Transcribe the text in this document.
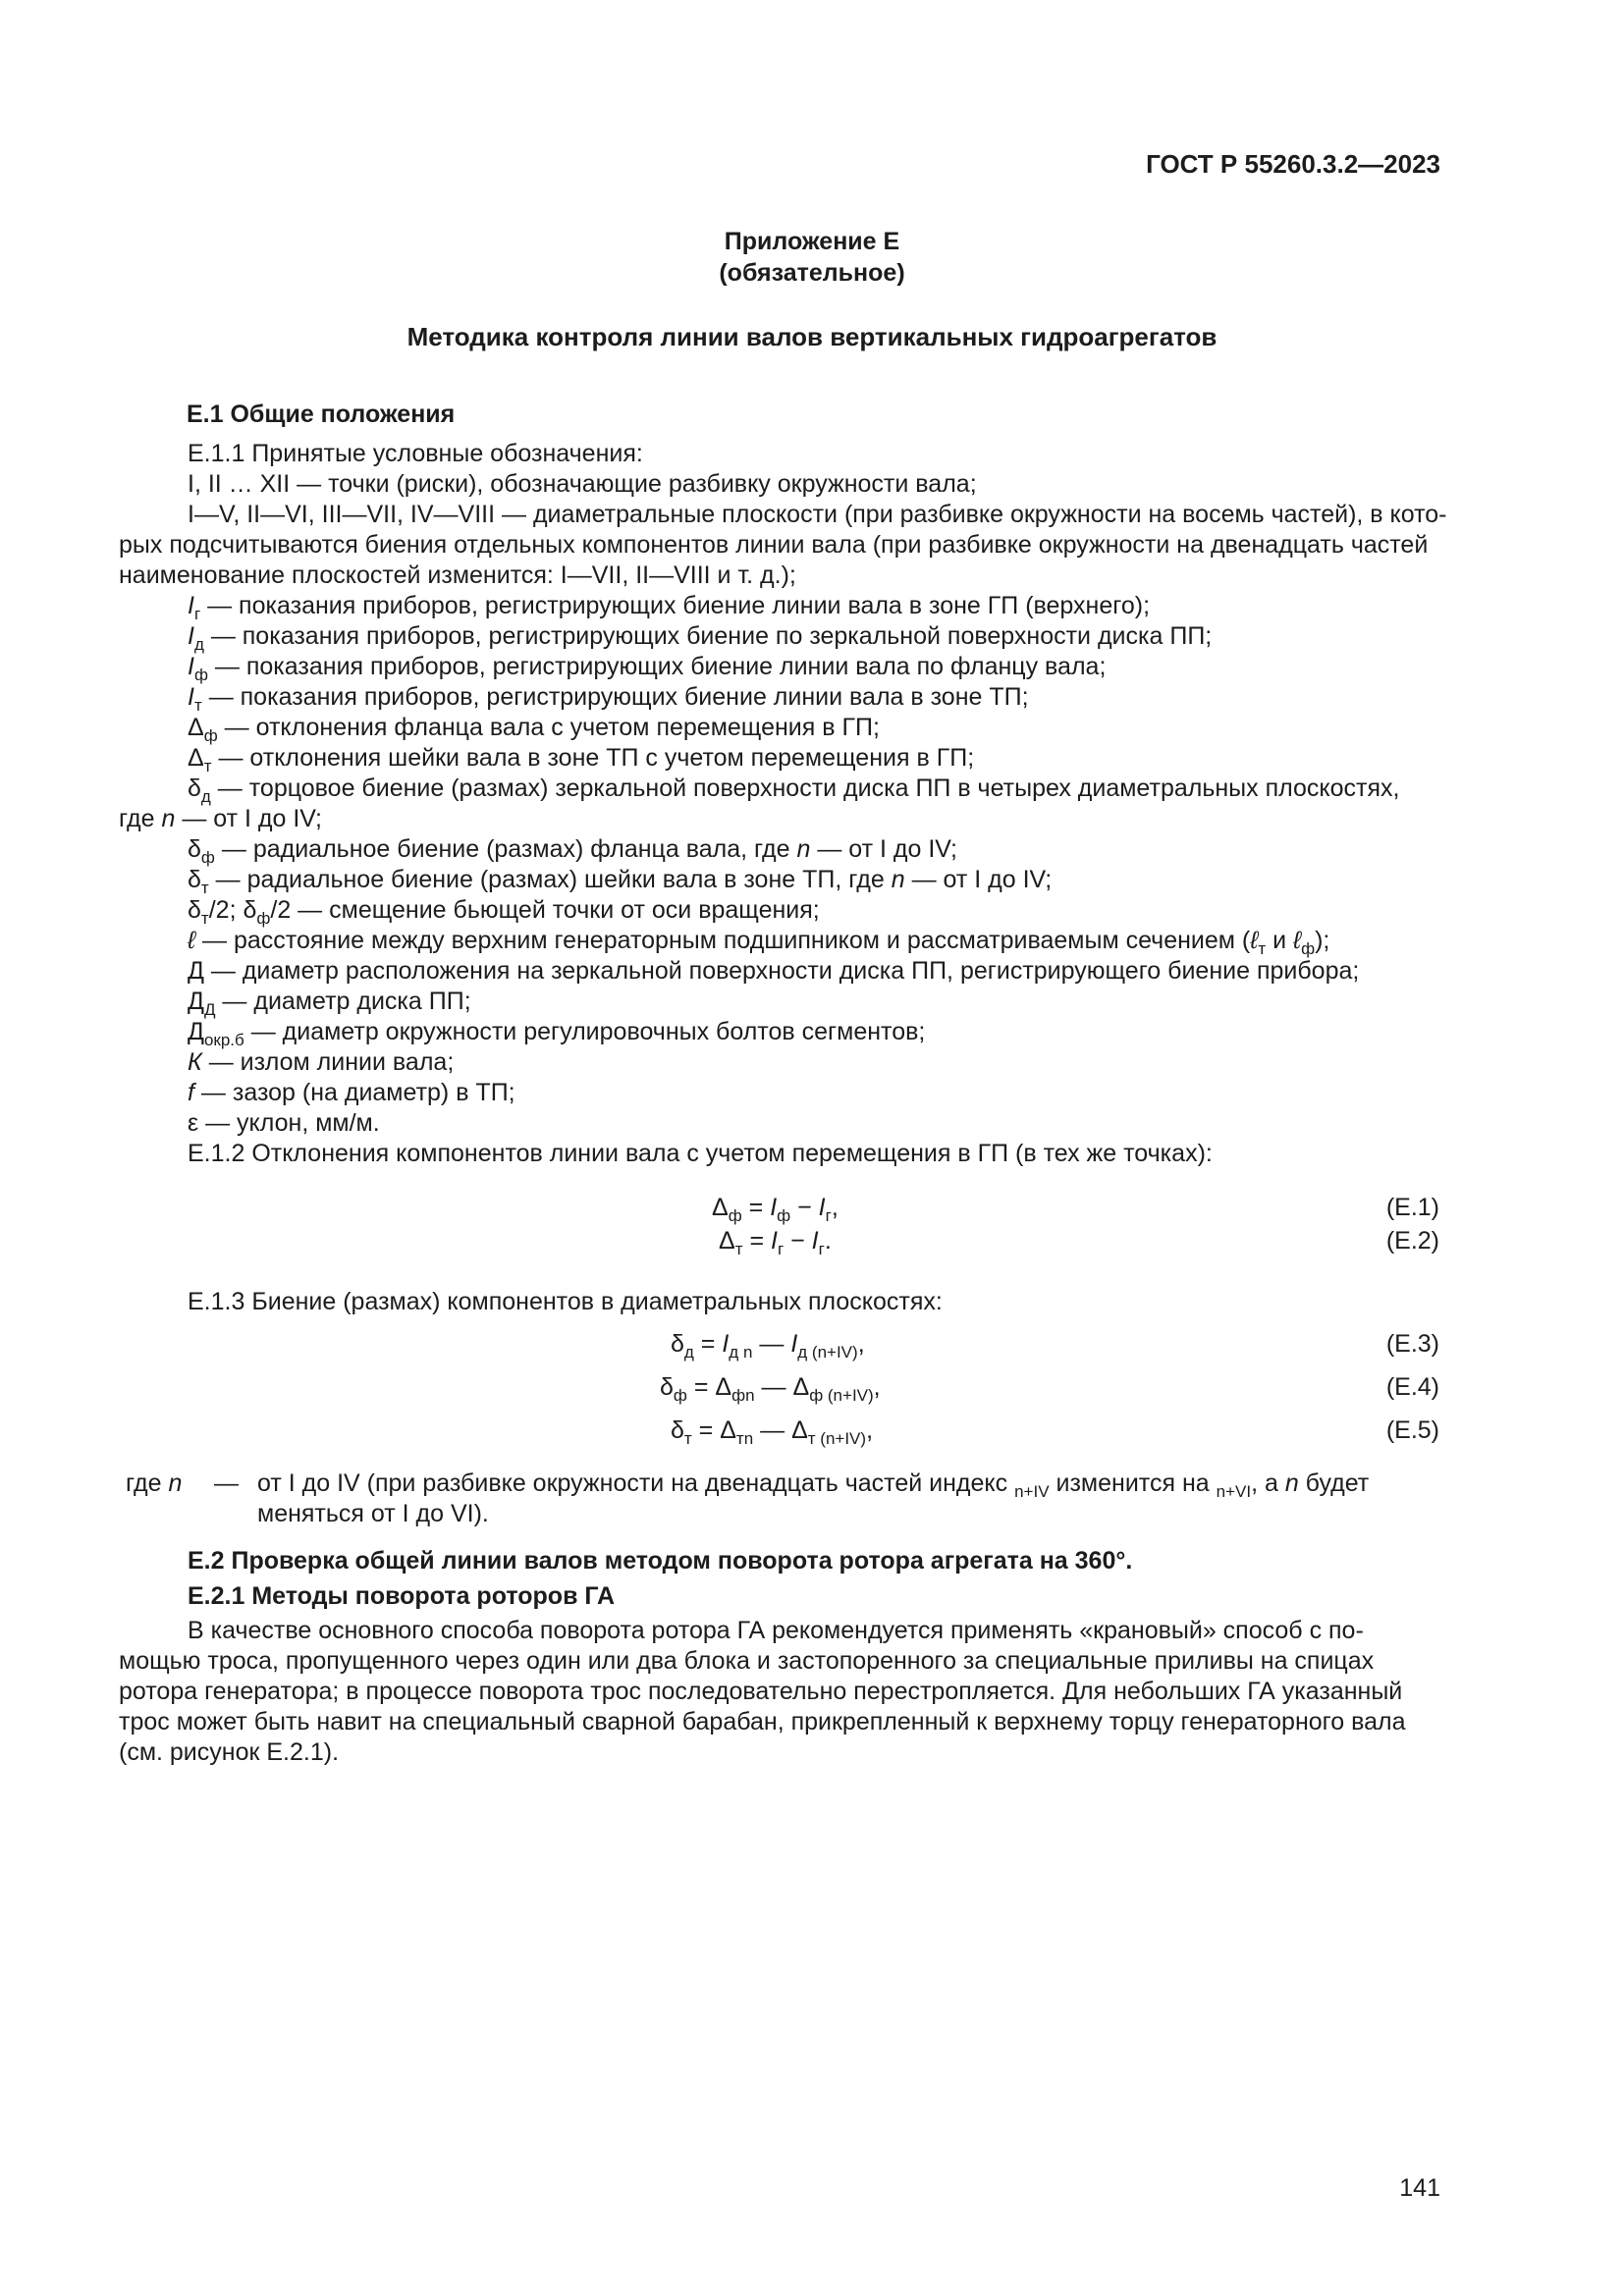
ГОСТ Р 55260.3.2—2023
Приложение Е
(обязательное)
Методика контроля линии валов вертикальных гидроагрегатов
Е.1 Общие положения
Е.1.1 Принятые условные обозначения:
I, II … XII — точки (риски), обозначающие разбивку окружности вала;
I—V, II—VI, III—VII, IV—VIII — диаметральные плоскости (при разбивке окружности на восемь частей), в кото-
рых подсчитываются биения отдельных компонентов линии вала (при разбивке окружности на двенадцать частей
наименование плоскостей изменится: I—VII, II—VIII и т. д.);
$I_г$ — показания приборов, регистрирующих биение линии вала в зоне ГП (верхнего);
$I_д$ — показания приборов, регистрирующих биение по зеркальной поверхности диска ПП;
$I_ф$ — показания приборов, регистрирующих биение линии вала по фланцу вала;
$I_т$ — показания приборов, регистрирующих биение линии вала в зоне ТП;
$\Delta_ф$ — отклонения фланца вала с учетом перемещения в ГП;
$\Delta_т$ — отклонения шейки вала в зоне ТП с учетом перемещения в ГП;
$\delta_д$ — торцовое биение (размах) зеркальной поверхности диска ПП в четырех диаметральных плоскостях,
где n — от I до IV;
$\delta_ф$ — радиальное биение (размах) фланца вала, где n — от I до IV;
$\delta_т$ — радиальное биение (размах) шейки вала в зоне ТП, где n — от I до IV;
$\delta_т/2$; $\delta_ф/2$ — смещение бьющей точки от оси вращения;
ℓ — расстояние между верхним генераторным подшипником и рассматриваемым сечением (ℓ$_т$ и ℓ$_ф$);
Д — диаметр расположения на зеркальной поверхности диска ПП, регистрирующего биение прибора;
$Д_Д$ — диаметр диска ПП;
$Д_{окр.б}$ — диаметр окружности регулировочных болтов сегментов;
К — излом линии вала;
f — зазор (на диаметр) в ТП;
ε — уклон, мм/м.
Е.1.2 Отклонения компонентов линии вала с учетом перемещения в ГП (в тех же точках):
$\Delta_ф = I_ф - I_г$,	(Е.1)
$\Delta_т = I_г - I_г$.	(Е.2)
Е.1.3 Биение (размах) компонентов в диаметральных плоскостях:
$\delta_д = I_{д n}$ — $I_{д (n+IV)}$,	(Е.3)
$\delta_ф = \Delta_{фn}$ — $\Delta_{ф (n+IV)}$,	(Е.4)
$\delta_т = \Delta_{тn}$ — $\Delta_{т (n+IV)}$,	(Е.5)
где n — от I до IV (при разбивке окружности на двенадцать частей индекс $_{n+IV}$ изменится на $_{n+VI}$, а n будет
меняться от I до VI).
Е.2 Проверка общей линии валов методом поворота ротора агрегата на 360°.
Е.2.1 Методы поворота роторов ГА
В качестве основного способа поворота ротора ГА рекомендуется применять «крановый» способ с по-
мощью троса, пропущенного через один или два блока и застопоренного за специальные приливы на спицах
ротора генератора; в процессе поворота трос последовательно перестропляется. Для небольших ГА указанный
трос может быть навит на специальный сварной барабан, прикрепленный к верхнему торцу генераторного вала
(см. рисунок Е.2.1).
141
